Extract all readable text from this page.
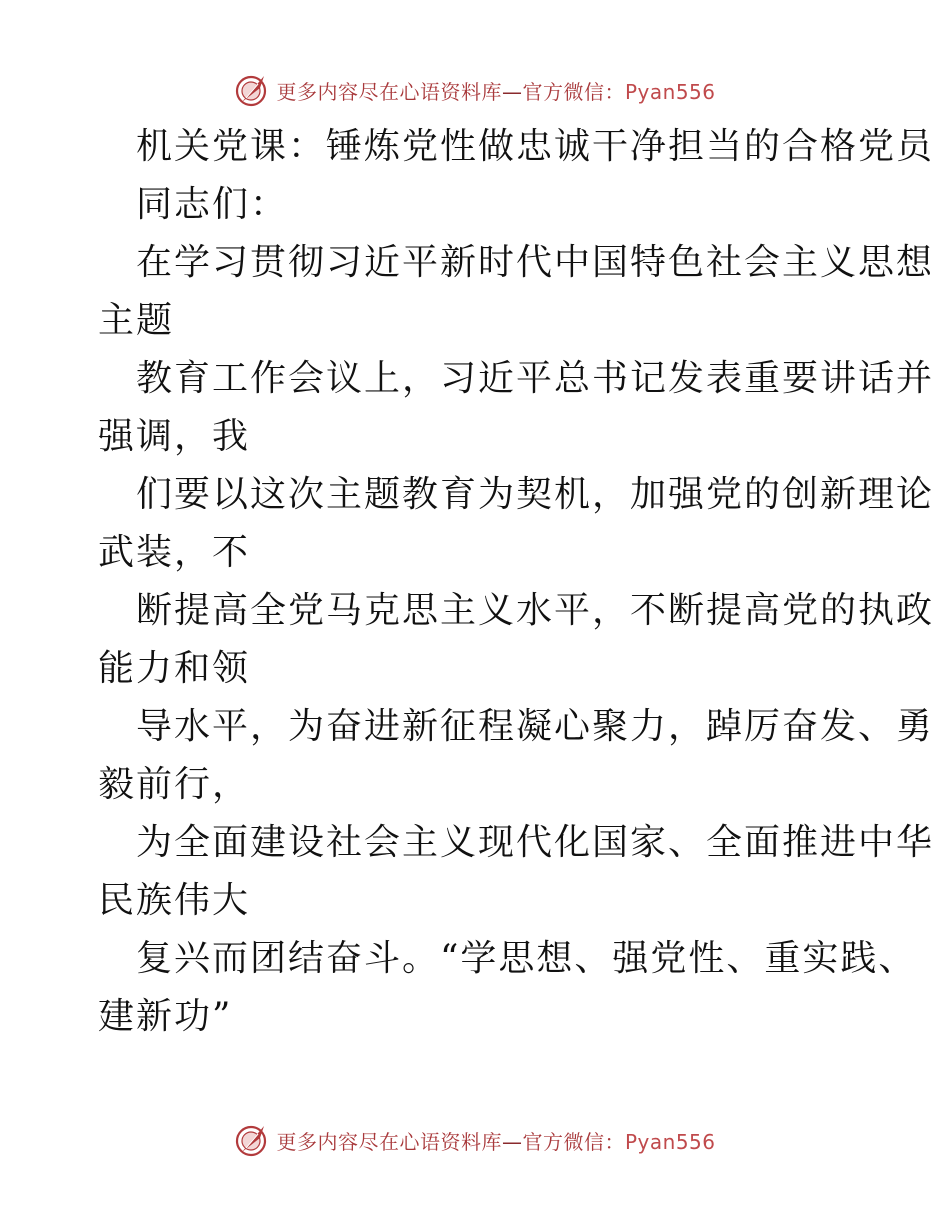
更多内容尽在心语资料库—官方微信：Pyan556
机关党课：锤炼党性做忠诚干净担当的合格党员
同志们：
在学习贯彻习近平新时代中国特色社会主义思想
主题
教育工作会议上，习近平总书记发表重要讲话并
强调，我
们要以这次主题教育为契机，加强党的创新理论
武装，不
断提高全党马克思主义水平，不断提高党的执政
能力和领
导水平，为奋进新征程凝心聚力，踔厉奋发、勇
毅前行，
为全面建设社会主义现代化国家、全面推进中华
民族伟大
复兴而团结奋斗。“学思想、强党性、重实践、
建新功”
更多内容尽在心语资料库—官方微信：Pyan556
